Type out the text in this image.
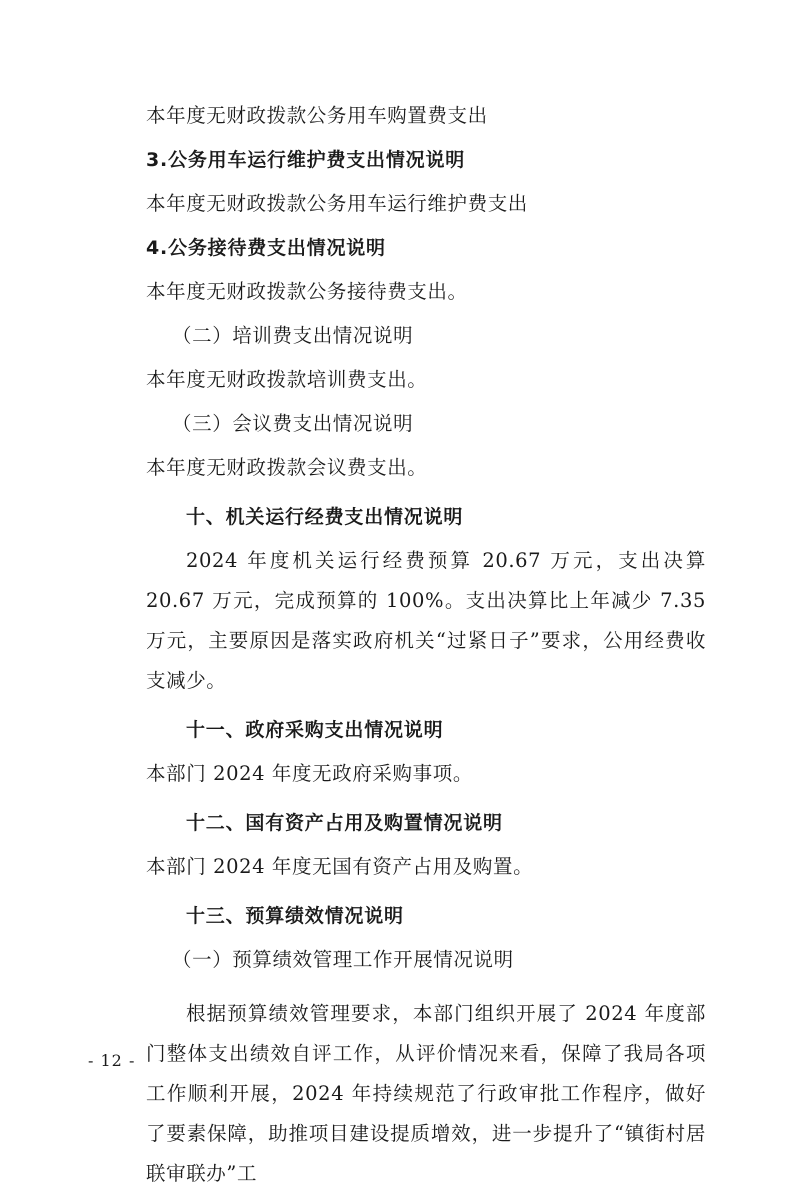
本年度无财政拨款公务用车购置费支出

3.公务用车运行维护费支出情况说明

本年度无财政拨款公务用车运行维护费支出

4.公务接待费支出情况说明

本年度无财政拨款公务接待费支出。

（二）培训费支出情况说明

本年度无财政拨款培训费支出。

（三）会议费支出情况说明

本年度无财政拨款会议费支出。

十、机关运行经费支出情况说明

2024 年度机关运行经费预算 20.67 万元，支出决算 20.67 万元，完成预算的 100%。支出决算比上年减少 7.35 万元，主要原因是落实政府机关“过紧日子”要求，公用经费收支减少。

十一、政府采购支出情况说明

本部门 2024 年度无政府采购事项。

十二、国有资产占用及购置情况说明

本部门 2024 年度无国有资产占用及购置。

十三、预算绩效情况说明

（一）预算绩效管理工作开展情况说明

根据预算绩效管理要求，本部门组织开展了 2024 年度部门整体支出绩效自评工作，从评价情况来看，保障了我局各项工作顺利开展，2024 年持续规范了行政审批工作程序，做好了要素保障，助推项目建设提质增效，进一步提升了“镇街村居联审联办”工

- 12 -
